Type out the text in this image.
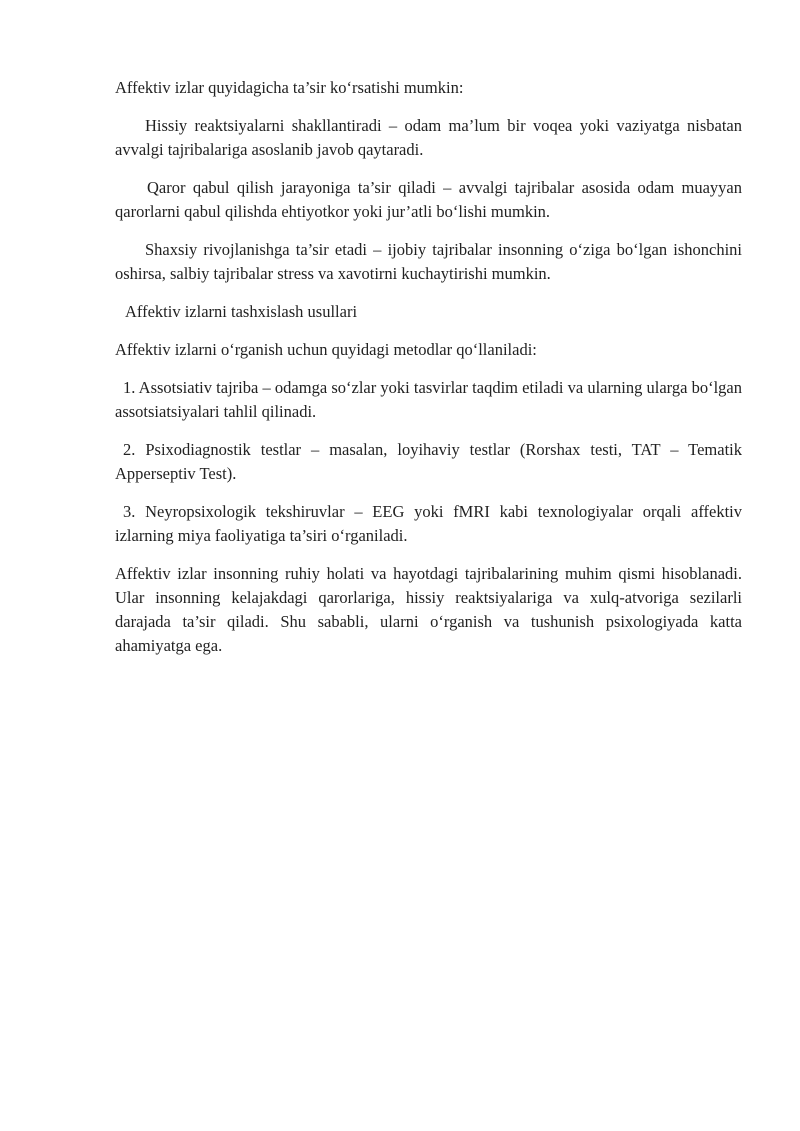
Affektiv izlar quyidagicha ta’sir ko‘rsatishi mumkin:

Hissiy reaktsiyalarni shakllantiradi – odam ma’lum bir voqea yoki vaziyatga nisbatan avvalgi tajribalariga asoslanib javob qaytaradi.

Qaror qabul qilish jarayoniga ta’sir qiladi – avvalgi tajribalar asosida odam muayyan qarorlarni qabul qilishda ehtiyotkor yoki jur’atli bo‘lishi mumkin.

Shaxsiy rivojlanishga ta’sir etadi – ijobiy tajribalar insonning o‘ziga bo‘lgan ishonchini oshirsa, salbiy tajribalar stress va xavotirni kuchaytirishi mumkin.

Affektiv izlarni tashxislash usullari

Affektiv izlarni o‘rganish uchun quyidagi metodlar qo‘llaniladi:

1. Assotsiativ tajriba – odamga so‘zlar yoki tasvirlar taqdim etiladi va ularning ularga bo‘lgan assotsiatsiyalari tahlil qilinadi.

2. Psixodiagnostik testlar – masalan, loyihaviy testlar (Rorshax testi, TAT – Tematik Apperseptiv Test).

3. Neyropsixologik tekshiruvlar – EEG yoki fMRI kabi texnologiyalar orqali affektiv izlarning miya faoliyatiga ta’siri o‘rganiladi.

Affektiv izlar insonning ruhiy holati va hayotdagi tajribalarining muhim qismi hisoblanadi. Ular insonning kelajakdagi qarorlariga, hissiy reaktsiyalariga va xulq-atvoriga sezilarli darajada ta’sir qiladi. Shu sababli, ularni o‘rganish va tushunish psixologiyada katta ahamiyatga ega.
